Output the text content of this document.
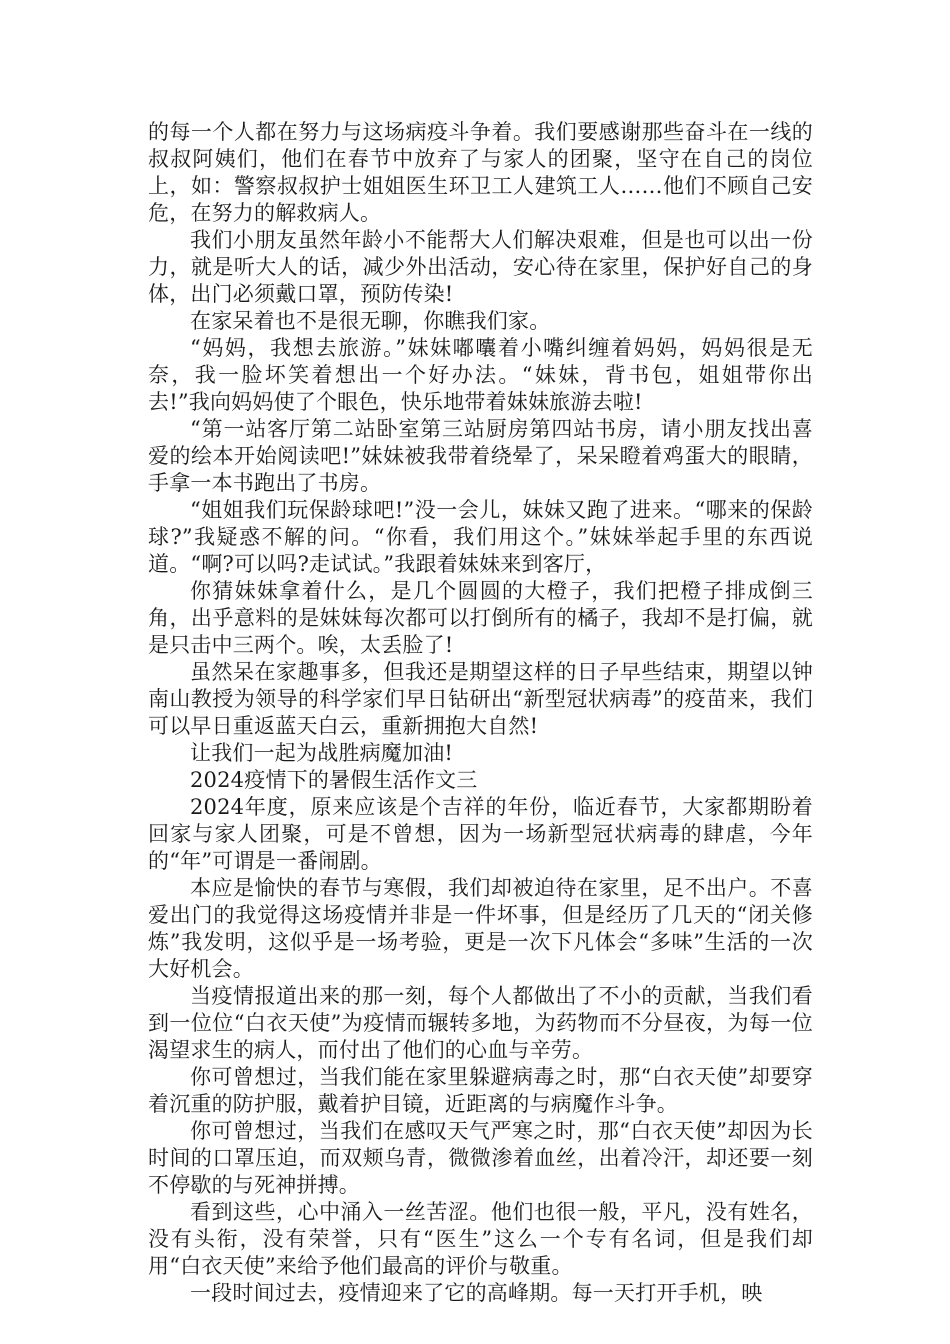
的每一个人都在努力与这场病疫斗争着。我们要感谢那些奋斗在一线的叔叔阿姨们，他们在春节中放弃了与家人的团聚，坚守在自己的岗位上，如：警察叔叔护士姐姐医生环卫工人建筑工人……他们不顾自己安危，在努力的解救病人。

我们小朋友虽然年龄小不能帮大人们解决艰难，但是也可以出一份力，就是听大人的话，减少外出活动，安心待在家里，保护好自己的身体，出门必须戴口罩，预防传染!

在家呆着也不是很无聊，你瞧我们家。

“妈妈，我想去旅游。”妹妹嘟囔着小嘴纠缠着妈妈，妈妈很是无奈，我一脸坏笑着想出一个好办法。“妹妹，背书包，姐姐带你出去!”我向妈妈使了个眼色，快乐地带着妹妹旅游去啦!

“第一站客厅第二站卧室第三站厨房第四站书房，请小朋友找出喜爱的绘本开始阅读吧!”妹妹被我带着绕晕了，呆呆瞪着鸡蛋大的眼睛，手拿一本书跑出了书房。

“姐姐我们玩保龄球吧!”没一会儿，妹妹又跑了进来。“哪来的保龄球?”我疑惑不解的问。“你看，我们用这个。”妹妹举起手里的东西说道。“啊?可以吗?走试试。”我跟着妹妹来到客厅，

你猜妹妹拿着什么，是几个圆圆的大橙子，我们把橙子排成倒三角，出乎意料的是妹妹每次都可以打倒所有的橘子，我却不是打偏，就是只击中三两个。唉，太丢脸了!

虽然呆在家趣事多，但我还是期望这样的日子早些结束，期望以钟南山教授为领导的科学家们早日钻研出“新型冠状病毒”的疫苗来，我们可以早日重返蓝天白云，重新拥抱大自然!

让我们一起为战胜病魔加油!

2024疫情下的暑假生活作文三

2024年度，原来应该是个吉祥的年份，临近春节，大家都期盼着回家与家人团聚，可是不曾想，因为一场新型冠状病毒的肆虐，今年的“年”可谓是一番闹剧。

本应是愉快的春节与寒假，我们却被迫待在家里，足不出户。不喜爱出门的我觉得这场疫情并非是一件坏事，但是经历了几天的“闭关修炼”我发明，这似乎是一场考验，更是一次下凡体会“多味”生活的一次大好机会。

当疫情报道出来的那一刻，每个人都做出了不小的贡献，当我们看到一位位“白衣天使”为疫情而辗转多地，为药物而不分昼夜，为每一位渴望求生的病人，而付出了他们的心血与辛劳。

你可曾想过，当我们能在家里躲避病毒之时，那“白衣天使”却要穿着沉重的防护服，戴着护目镜，近距离的与病魔作斗争。

你可曾想过，当我们在感叹天气严寒之时，那“白衣天使”却因为长时间的口罩压迫，而双颊乌青，微微渗着血丝，出着冷汗，却还要一刻不停歇的与死神拼搏。

看到这些，心中涌入一丝苦涩。他们也很一般，平凡，没有姓名，没有头衔，没有荣誉，只有“医生”这么一个专有名词，但是我们却用“白衣天使”来给予他们最高的评价与敬重。

一段时间过去，疫情迎来了它的高峰期。每一天打开手机，映
